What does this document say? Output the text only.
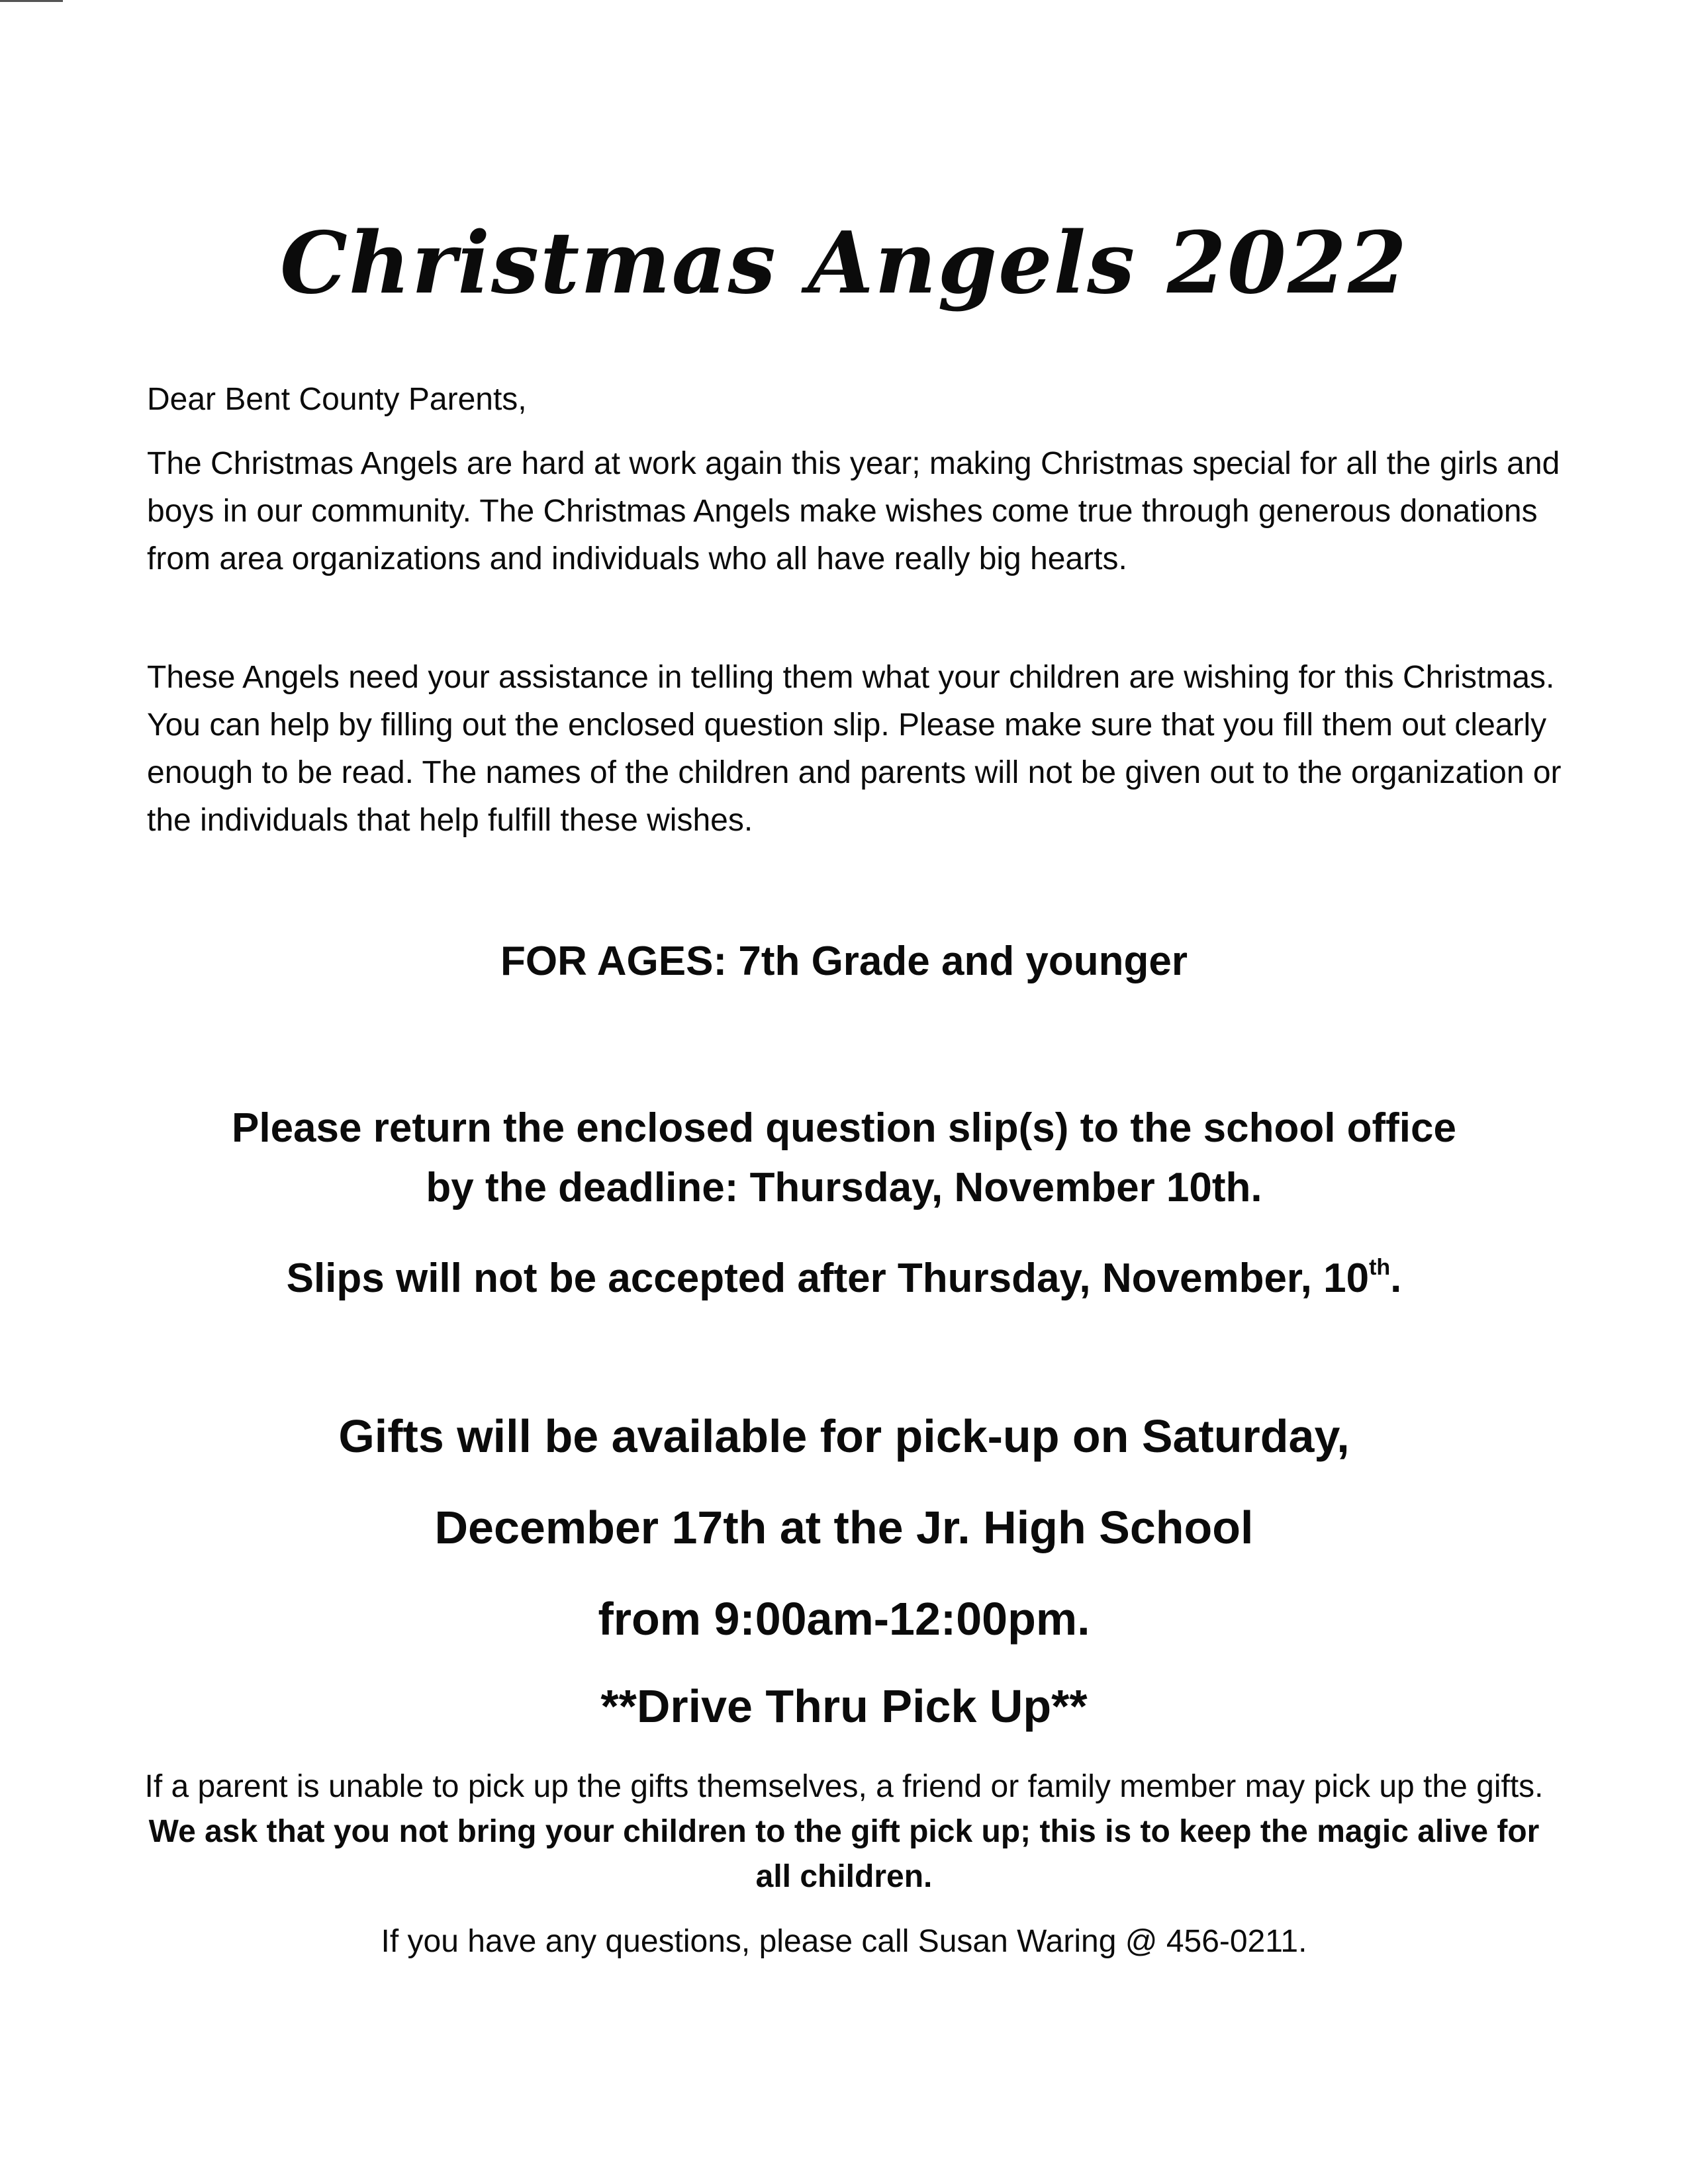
Christmas Angels 2022

Dear Bent County Parents,

The Christmas Angels are hard at work again this year; making Christmas special for all the girls and boys in our community. The Christmas Angels make wishes come true through generous donations from area organizations and individuals who all have really big hearts.

These Angels need your assistance in telling them what your children are wishing for this Christmas. You can help by filling out the enclosed question slip. Please make sure that you fill them out clearly enough to be read. The names of the children and parents will not be given out to the organization or the individuals that help fulfill these wishes.

FOR AGES: 7th Grade and younger
Please return the enclosed question slip(s) to the school office
by the deadline: Thursday, November 10th.
Slips will not be accepted after Thursday, November, 10th.
Gifts will be available for pick-up on Saturday,
December 17th at the Jr. High School
from 9:00am-12:00pm.
**Drive Thru Pick Up**

If a parent is unable to pick up the gifts themselves, a friend or family member may pick up the gifts. We ask that you not bring your children to the gift pick up; this is to keep the magic alive for all children.

If you have any questions, please call Susan Waring @ 456-0211.
